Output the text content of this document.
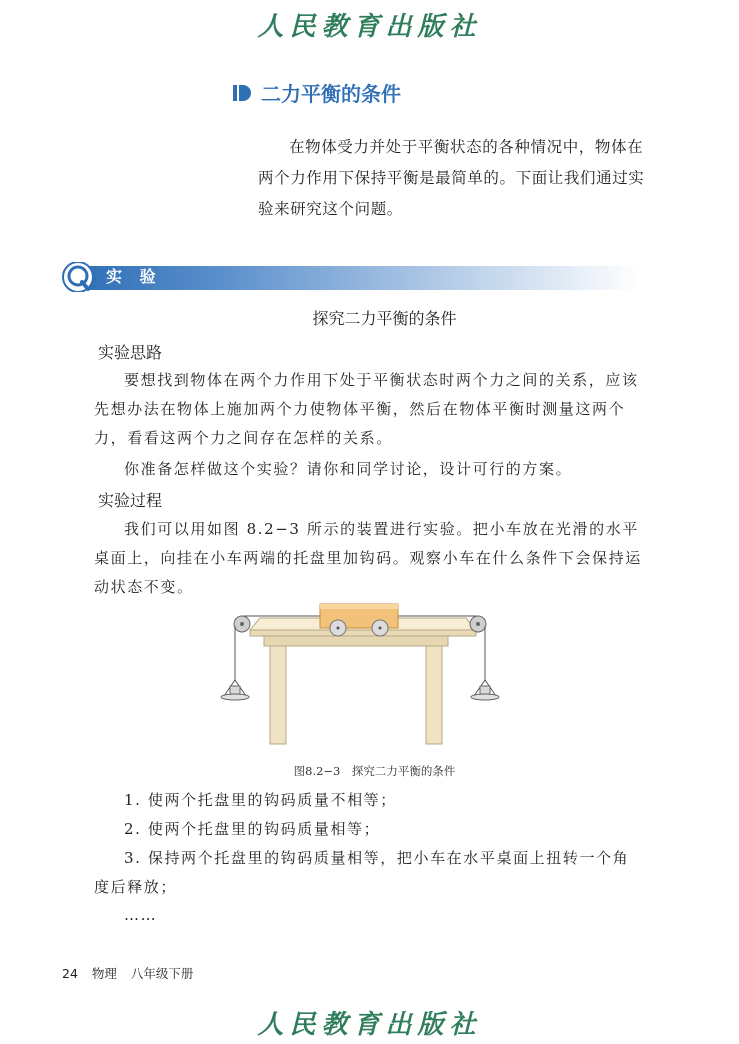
人民教育出版社
二力平衡的条件

在物体受力并处于平衡状态的各种情况中，物体在两个力作用下保持平衡是最简单的。下面让我们通过实验来研究这个问题。

实 验
探究二力平衡的条件
实验思路

要想找到物体在两个力作用下处于平衡状态时两个力之间的关系，应该先想办法在物体上施加两个力使物体平衡，然后在物体平衡时测量这两个力，看看这两个力之间存在怎样的关系。

你准备怎样做这个实验？请你和同学讨论，设计可行的方案。

实验过程

我们可以用如图 8.2−3 所示的装置进行实验。把小车放在光滑的水平桌面上，向挂在小车两端的托盘里加钩码。观察小车在什么条件下会保持运动状态不变。

图8.2−3　探究二力平衡的条件

1. 使两个托盘里的钩码质量不相等；

2. 使两个托盘里的钩码质量相等；

3. 保持两个托盘里的钩码质量相等，把小车在水平桌面上扭转一个角度后释放；

……

24 物理 八年级下册
人民教育出版社
